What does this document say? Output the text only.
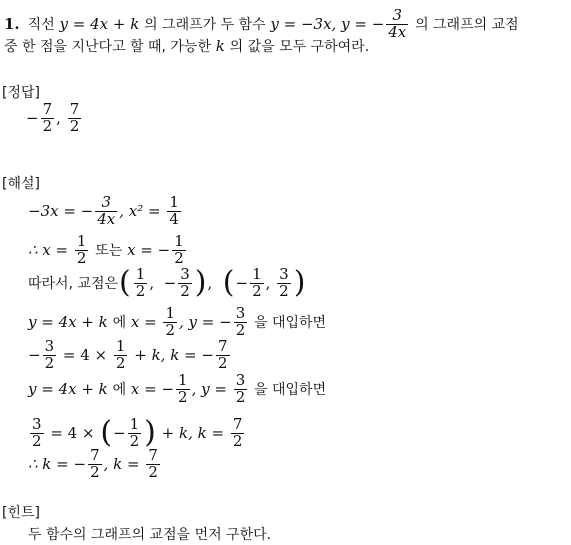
1. 직선
y = 4x + k
의 그래프가 두 함수
y = −3x,
y = − $\frac{3}{4x}$
의 그래프의 교점
중 한 점을 지난다고 할 때, 가능한
k
의 값을 모두 구하여라.
[정답]
− $\frac{7}{2}$ ,
$\frac{7}{2}$
[해설]
−3x = − $\frac{3}{4x}$ , x² =
$\frac{1}{4}$
∴ x =
$\frac{1}{2}$
또는
x = − $\frac{1}{2}$
따라서, 교점은 ( $\frac{1}{2}$ ,  − $\frac{3}{2}$ ) , ( − $\frac{1}{2}$ , $\frac{3}{2}$ )
y = 4x + k
에
x =
$\frac{1}{2}$ , y = − $\frac{3}{2}$
을 대입하면
− $\frac{3}{2}$
= 4 ×
$\frac{1}{2}$
+ k, k = − $\frac{7}{2}$
y = 4x + k
에
x = − $\frac{1}{2}$ , y =
$\frac{3}{2}$
을 대입하면
$\frac{3}{2}$
= 4 ×
( − $\frac{1}{2}$ )
+ k, k =
$\frac{7}{2}$
∴ k = − $\frac{7}{2}$ , k =
$\frac{7}{2}$
[힌트]
두 함수의 그래프의 교점을 먼저 구한다.
